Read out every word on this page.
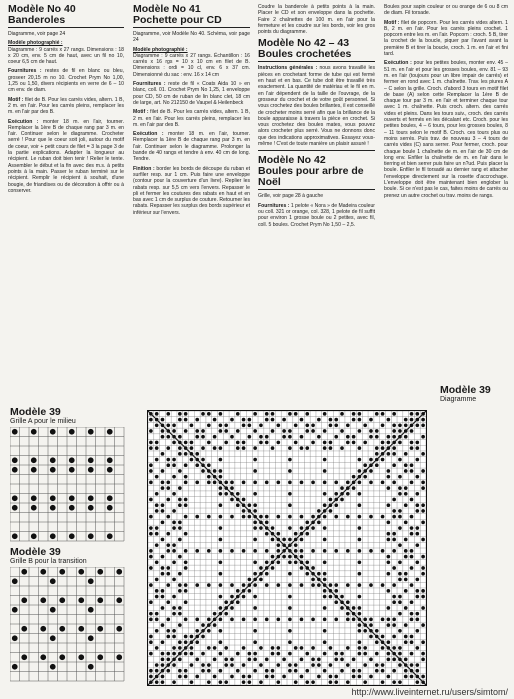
Modèle No 40
Banderoles
Diagramme, voir page 24
Modèle photographié :
Diagramme : 9 carrés x 27 rangs. Dimensions : 18 x 20 cm, env. 5 cm de haut, avec un fil no 10, coeur 6,5 cm de haut.
Fournitures : restes de fil en blanc ou bleu, groseer 20,15 m no 10. Crochet Prym No 1,00, 1,25 ou 1,50, divers récipients en verre de 6 – 10 cm env. de diam.
Motif : filet de B. Pour les carrés vides, altern. 1 B, 2 m. en l'air. Pour les carrés pleins, remplacer les m. en l'air par des B.
Exécution : monter 18 m. en l'air, tourner. Remplacer la 1ère B de chaque rang par 3 m. en l'air. Continuer selon le diagramme. Crocheter serré ! Pour que le coeur soit joli, autour du motif de coeur, voir + petit cours de filet = 3 la page 3 de la partie explications. Adapter la longueur au récipient. Le ruban doit bien tenir ! Relier le tente. Assembler le début et la fin avec des m.s. à petits points à la main. Passer le ruban terminé sur le récipient. Remplir le récipient à souhait, d'une bougie, de friandises ou de décoration à offrir ou à conserver.
Modèle No 41
Pochette pour CD
Diagramme, voir Modèle No 40. Schéma, voir page 24
Modèle photographié :
Diagramme : 9 carrés x 27 rangs. Échantillon : 16 carrés x 16 rgs = 10 x 10 cm en filet de B. Dimensions : ordi = 10 cl, env. 6 x 37 cm. Dimensionné du sac : env. 16 x 14 cm
Fournitures : reste de fil « Coats Aida 10 » en blanc, coll. 01. Crochet Prym No 1,25, 1 enveloppe pour CD, 50 cm de ruban de lin blanc clet, 18 cm de large, art. No 212150 de Vaupel & Heilenbeck
Motif : filet de B. Pour les carrés vides, altern. 1 B, 2 m. en l'air. Pour les carrés pleins, remplacer les m. en l'air par des B.
Exécution : monter 18 m. en l'air, tourner. Remplacer la 1ère B de chaque rang par 3 m. en l'air. Continuer selon le diagramme. Prolonger la bande de 40 rangs et tendre à env. 40 cm de long. Tendre.
Finition : border les bords de découpe du ruban et surfiler resp. sur 1 cm. Puis faire une enveloppe (contour pour la couverture d'un livre). Replier les rabats resp. sur 5,5 cm vers l'envers. Repasser le pli et fermer les coutures des rabats en haut et en bas avec 1 cm de surplus de couture. Retourner les rabats. Repasser les surplus des bords supérieur et inférieur sur l'envers.
Coudre la banderole à petits points à la main. Placer le CD et son enveloppe dans la pochette. Faire 2 chaînettes de 100 m. en l'air pour la fermeture et les coudre sur les bords, voir les gros points du diagramme.
Modèle No 42 – 43
Boules crochetées
Instructions générales : nous avons travaillé les pièces en crochetant forme de tube qui est fermé en haut et en bas. Ce tube doit être travaillé très exactement. La quantité de matériau et le fil en m. en l'air dépendent de la taille de l'ouvrage, de la grosseur du crochet et de votre goût personnel. Si vous crochetez des boules brillantes, il est conseillé de crocheter moins serré afin que la brillance de la boule apparaisse à travers la pièce en crochet. Si vous crochetez des boules mates, vous pouvez alors crocheter plus serré. Vous ne donnons donc que des indications approximatives. Essayez vous-même ! C'est de toute manière un plaisir assuré !
Modèle No 42
Boules pour arbre de Noël
Grille, voir page 28 à gauche
Fournitures : 1 pelote « Nora » de Madeira couleur ou coll. 321 or orange, col. 328, 1 pelote de fil suffit pour environ 1 grosse boule ou 2 petites, avec fil, coll. 5 boules. Crochet Prym No 1,50 – 2,5.
Boules pour sapin couleur or ou orange de 6 ou 8 cm de diam. Fil torsade.
Motif : filet de popcorn. Pour les carrés vides altern. 1 B, 2 m. en l'air. Pour les carrés pleins crochet. 1 popcorn entre les m. en l'air. Popcorn : croch. 5 B, tirer la crochet de la boucle, piquer par l'avant avant la première B et tirer la boucle, croch. 1 m. en l'air et fini tard.
Exécution : pour les petites boules, monter env. 45 – 51 m. en l'air et pour les grosses boules, env. 81 – 93 m. en l'air (toujours pour un libre impair de carrés) et fermer en rond avec 1 m. chaînette. Trav. les piures A – C selon la grille. Croch. d'abord 3 tours en motif filet de base (A) selon cette Remplacer la 1ère B de chaque tour par 3 m. en l'air et terminer chaque tour avec 1 m. chaînette. Puis croch. altern. des carrés vides et pleins. Dans les tours suiv., croch. des carrés ouverts et fermés en les décalant etc. Croch. pour les petites boules, 4 – 6 tours, pour les grosses boules, 8 – 11 tours selon le motif B. Croch. ces tours plus ou moins serrés. Puis trav. de nouveau 3 – 4 tours de carrés vides (C) sans serrer. Pour fermer, croch. pour chaque boule 1 chaînette de m. en l'air de 30 cm de long env. Enfiler la chaînette de m. en l'air dans le tierring et bien serrer puis faire un n?ud. Puis placer la boule. Enfiler le fil torsadé au dernier rang et attacher l'enveloppe directement sur la rosette d'accrochage. L'enveloppe doit être maintenant bien englober la boule. Si ce n'est pas le cas, faites moins de carrés ou prenez un autre crochet ou trav. moins de rangs.
Modèle 39
Grille A pour le milieu
Modèle 39
Grille B pour la transition
Modèle 39
Diagramme
http://www.liveinternet.ru/users/simtom/
